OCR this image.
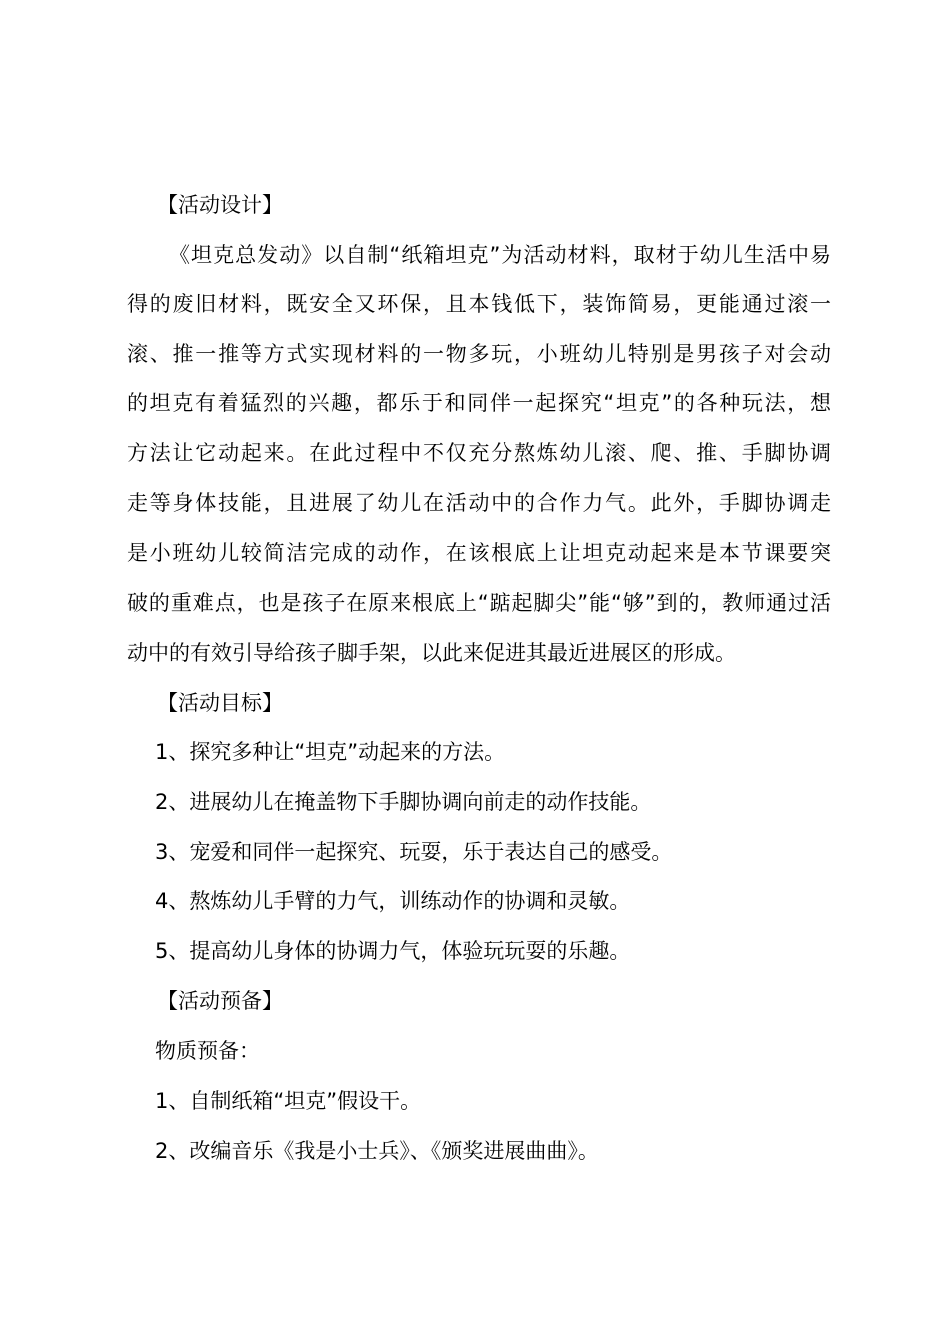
【活动设计】
《坦克总发动》以自制“纸箱坦克”为活动材料，取材于幼儿生活中易
得的废旧材料，既安全又环保，且本钱低下，装饰简易，更能通过滚一
滚、推一推等方式实现材料的一物多玩，小班幼儿特别是男孩子对会动
的坦克有着猛烈的兴趣，都乐于和同伴一起探究“坦克”的各种玩法，想
方法让它动起来。在此过程中不仅充分熬炼幼儿滚、爬、推、手脚协调
走等身体技能，且进展了幼儿在活动中的合作力气。此外，手脚协调走
是小班幼儿较简洁完成的动作，在该根底上让坦克动起来是本节课要突
破的重难点，也是孩子在原来根底上“踮起脚尖”能“够”到的，教师通过活
动中的有效引导给孩子脚手架，以此来促进其最近进展区的形成。
【活动目标】
1、探究多种让“坦克”动起来的方法。
2、进展幼儿在掩盖物下手脚协调向前走的动作技能。
3、宠爱和同伴一起探究、玩耍，乐于表达自己的感受。
4、熬炼幼儿手臂的力气，训练动作的协调和灵敏。
5、提高幼儿身体的协调力气，体验玩玩耍的乐趣。
【活动预备】
物质预备：
1、自制纸箱“坦克”假设干。
2、改编音乐《我是小士兵》、《颁奖进展曲曲》。
